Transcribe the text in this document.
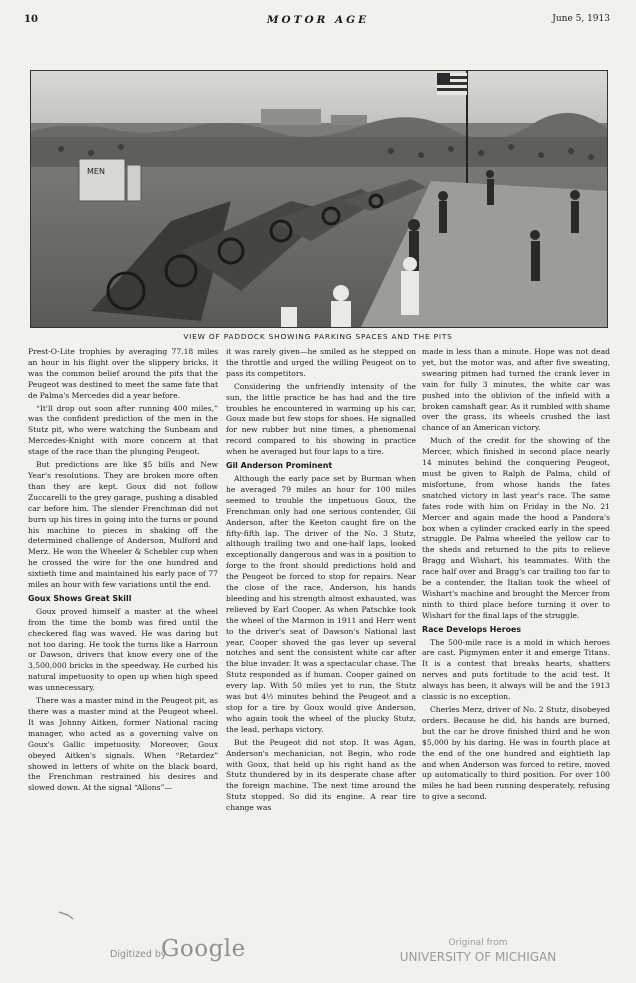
10	MOTOR AGE	June 5, 1913
MEN
VIEW OF PADDOCK SHOWING PARKING SPACES AND THE PITS

Prest-O-Lite trophies by averaging 77.18 miles an hour in his flight over the slippery bricks, it was the common belief around the pits that the Peugeot was destined to meet the same fate that de Palma's Mercedes did a year before.

“It'll drop out soon after running 400 miles,” was the confident prediction of the men in the Stutz pit, who were watching the Sunbeam and Mercedes-Knight with more concern at that stage of the race than the plunging Peugeot.

But predictions are like $5 bills and New Year's resolutions. They are broken more often than they are kept. Goux did not follow Zuccarelli to the grey garage, pushing a disabled car before him. The slender Frenchman did not burn up his tires in going into the turns or pound his machine to pieces in shaking off the determined challenge of Anderson, Mulford and Merz. He won the Wheeler & Schebler cup when he crossed the wire for the one hundred and sixtieth time and maintained his early pace of 77 miles an hour with few variations until the end.

Goux Shows Great Skill

Goux proved himself a master at the wheel from the time the bomb was fired until the checkered flag was waved. He was daring but not too daring. He took the turns like a Harroun or Dawson, drivers that know every one of the 3,500,000 bricks in the speedway. He curbed his natural impetuosity to open up when high speed was unnecessary.

There was a master mind in the Peugeot pit, as there was a master mind at the Peugeot wheel. It was Johnny Aitken, former National racing manager, who acted as a governing valve on Goux's Gallic impetuosity. Moreover, Goux obeyed Aitken's signals. When “Retardez” showed in letters of white on the black board, the Frenchman restrained his desires and slowed down. At the signal “Allons”—

it was rarely given—he smiled as he stepped on the throttle and urged the willing Peugeot on to pass its competitors.

Considering the unfriendly intensity of the sun, the little practice he has had and the tire troubles he encountered in warming up his car, Goux made but few stops for shoes. He signalled for new rubber but nine times, a phenomenal record compared to his showing in practice when he averaged but four laps to a tire.

Gil Anderson Prominent

Although the early pace set by Burman when he averaged 79 miles an hour for 100 miles seemed to trouble the impetuous Goux, the Frenchman only had one serious contender, Gil Anderson, after the Keeton caught fire on the fifty-fifth lap. The driver of the No. 3 Stutz, although trailing two and one-half laps, looked exceptionally dangerous and was in a position to forge to the front should predictions hold and the Peugeot be forced to stop for repairs. Near the close of the race, Anderson, his hands bleeding and his strength almost exhausted, was relieved by Earl Cooper. As when Patschke took the wheel of the Marmon in 1911 and Herr went to the driver's seat of Dawson's National last year, Cooper shoved the gas lever up several notches and sent the consistent white car after the blue invader. It was a spectacular chase. The Stutz responded as if human. Cooper gained on every lap. With 50 miles yet to run, the Stutz was but 4½ minutes behind the Peugeot and a stop for a tire by Goux would give Anderson, who again took the wheel of the plucky Stutz, the lead, perhaps victory.

But the Peugeot did not stop. It was Agan, Anderson's mechanician, not Begin, who rode with Goux, that held up his right hand as the Stutz thundered by in its desperate chase after the foreign machine. The next time around the Stutz stopped. So did its engine. A rear tire change was

made in less than a minute. Hope was not dead yet, but the motor was, and after five sweating, swearing pitmen had turned the crank lever in vain for fully 3 minutes, the white car was pushed into the oblivion of the infield with a broken camshaft gear. As it rumbled with shame over the grass, its wheels crushed the last chance of an American victory.

Much of the credit for the showing of the Mercer, which finished in second place nearly 14 minutes behind the conquering Peugeot, must be given to Ralph de Palma, child of misfortune, from whose hands the fates snatched victory in last year's race. The same fates rode with him on Friday in the No. 21 Mercer and again made the hood a Pandora's box when a cylinder cracked early in the speed struggle. De Palma wheeled the yellow car to the sheds and returned to the pits to relieve Bragg and Wishart, his teammates. With the race half over and Bragg's car trailing too far to be a contender, the Italian took the wheel of Wishart's machine and brought the Mercer from ninth to third place before turning it over to Wishart for the final laps of the struggle.

Race Develops Heroes

The 500-mile race is a mold in which heroes are cast. Pigmymen enter it and emerge Titans. It is a contest that breaks hearts, shatters nerves and puts fortitude to the acid test. It always has been, it always will be and the 1913 classic is no exception.

Cherles Merz, driver of No. 2 Stutz, disobeyed orders. Because he did, his hands are burned, but the car he drove finished third and he won $5,000 by his daring. He was in fourth place at the end of the one hundred and eightieth lap and when Anderson was forced to retire, moved up automatically to third position. For over 100 miles he had been running desperately, refusing to give a second.

Digitized by
Google	Original from
UNIVERSITY OF MICHIGAN
